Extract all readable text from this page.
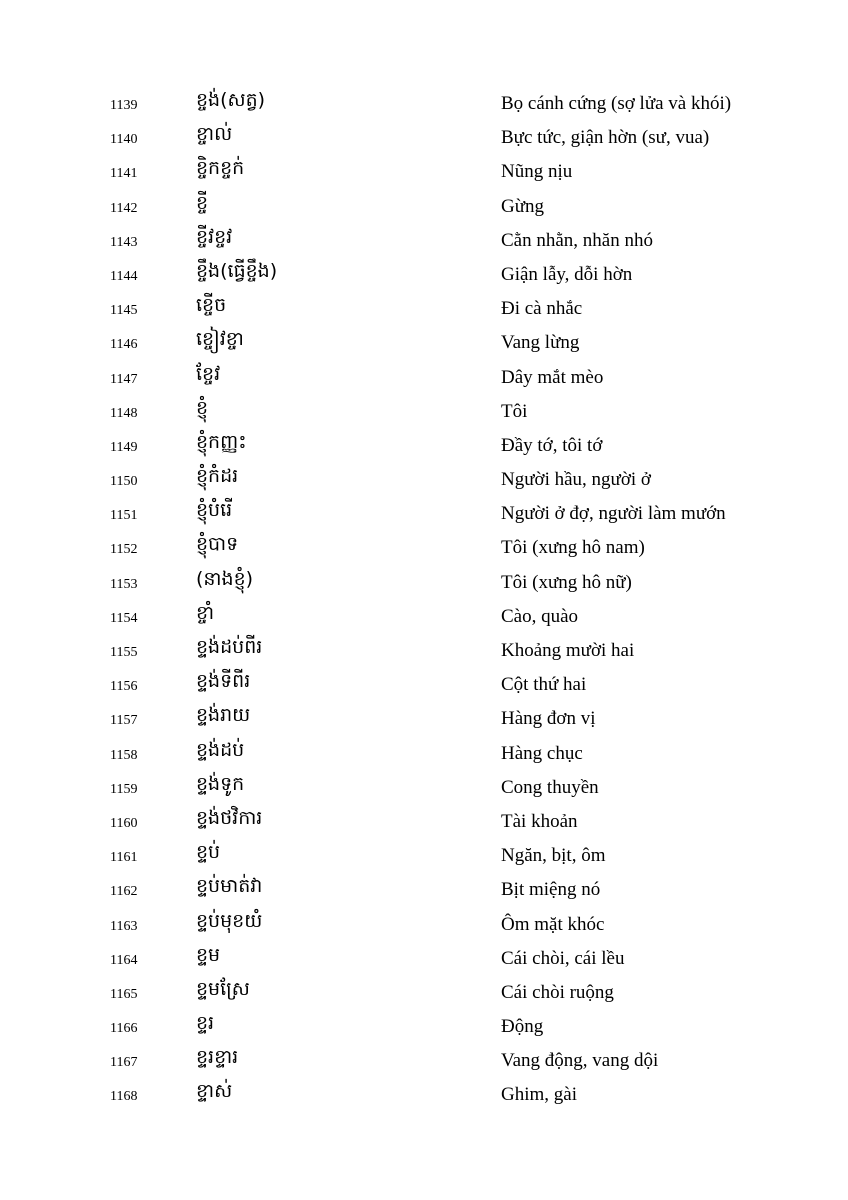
1139	ខ្ចង់(សត្វ)	Bọ cánh cứng (sợ lửa và khói)
1140	ខ្ចាល់	Bực tức, giận hờn (sư, vua)
1141	ខ្ចិកខ្ចក់	Nũng nịu
1142	ខ្ចី	Gừng
1143	ខ្ចីវខ្ចវ	Cằn nhằn, nhăn nhó
1144	ខ្ចឹង(ធ្វើខ្ចឹង)	Giận lẫy, dỗi hờn
1145	ខ្ចើច	Đi cà nhắc
1146	ខ្ចៀវខ្ចា	Vang lừng
1147	ខ្ចែវ	Dây mắt mèo
1148	ខ្ញុំ	Tôi
1149	ខ្ញុំកញ្ញះ	Đầy tớ, tôi tớ
1150	ខ្ញុំកំដរ	Người hầu, người ở
1151	ខ្ញុំបំរើ	Người ở đợ, người làm mướn
1152	ខ្ញុំបាទ	Tôi (xưng hô nam)
1153	(នាងខ្ញុំ)	Tôi (xưng hô nữ)
1154	ខ្ចាំ	Cào, quào
1155	ខ្ទង់ដប់ពីរ	Khoảng mười hai
1156	ខ្ទង់ទីពីរ	Cột thứ hai
1157	ខ្ទង់រាយ	Hàng đơn vị
1158	ខ្ទង់ដប់	Hàng chục
1159	ខ្ទង់ទូក	Cong thuyền
1160	ខ្ទង់ថវិការ	Tài khoản
1161	ខ្ទប់	Ngăn, bịt, ôm
1162	ខ្ទប់មាត់វា	Bịt miệng nó
1163	ខ្ទប់មុខយំ	Ôm mặt khóc
1164	ខ្ទម	Cái chòi, cái lều
1165	ខ្ទមស្រែ	Cái chòi ruộng
1166	ខ្ទរ	Động
1167	ខ្ទរខ្ទារ	Vang động, vang dội
1168	ខ្ទាស់	Ghim, gài
